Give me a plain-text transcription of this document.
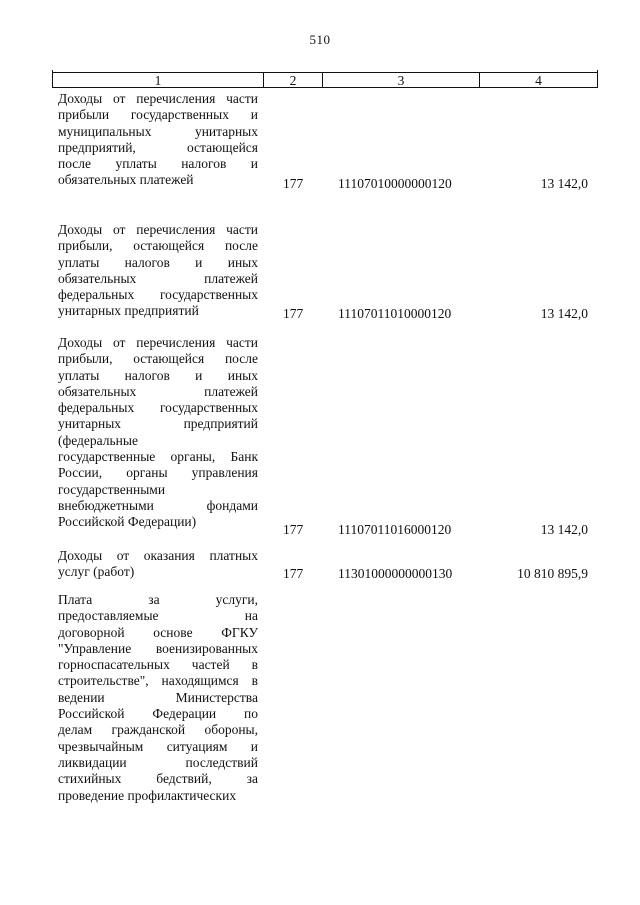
510
1	2	3	4
Доходы от перечисления части
прибыли государственных и
муниципальных унитарных
предприятий, остающейся
после уплаты налогов и
обязательных платежей	177	11107010000000120	13 142,0
Доходы от перечисления части
прибыли, остающейся после
уплаты налогов и иных
обязательных платежей
федеральных государственных
унитарных предприятий	177	11107011010000120	13 142,0
Доходы от перечисления части
прибыли, остающейся после
уплаты налогов и иных
обязательных платежей
федеральных государственных
унитарных предприятий
(федеральные
государственные органы, Банк
России, органы управления
государственными
внебюджетными фондами
Российской Федерации)
177	11107011016000120	13 142,0
Доходы от оказания платных
услуг (работ)	177	11301000000000130	10 810 895,9
Плата за услуги,
предоставляемые на
договорной основе ФГКУ
"Управление военизированных
горноспасательных частей в
строительстве", находящимся в
ведении Министерства
Российской Федерации по
делам гражданской обороны,
чрезвычайным ситуациям и
ликвидации последствий
стихийных бедствий, за
проведение профилактических
